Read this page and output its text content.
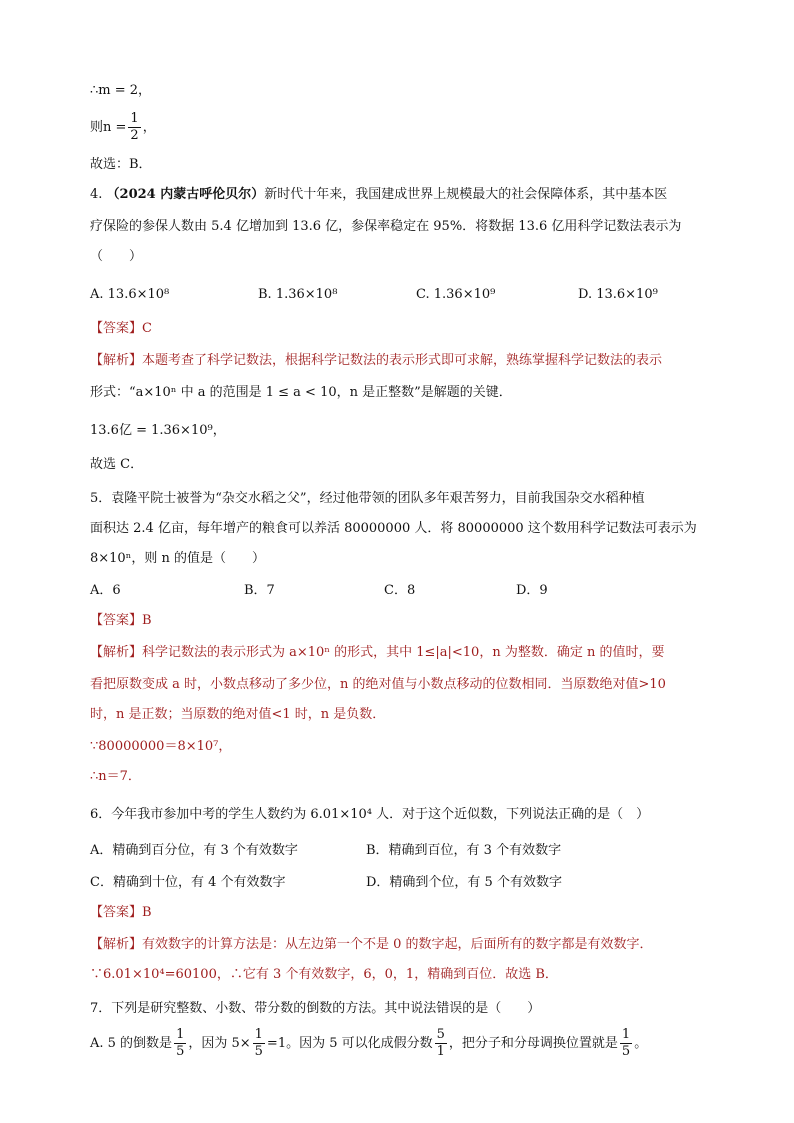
∴m = 2，
则$n = \frac{1}{2}$ ，
故选：B．
4. （2024 内蒙古呼伦贝尔）新时代十年来，我国建成世界上规模最大的社会保障体系，其中基本医
疗保险的参保人数由 5.4 亿增加到 13.6 亿，参保率稳定在 95%．将数据 13.6 亿用科学记数法表示为
（　　）
A. 13.6×10⁸	B. 1.36×10⁸	C. 1.36×10⁹	D. 13.6×10⁹
【答案】C
【解析】本题考查了科学记数法，根据科学记数法的表示形式即可求解，熟练掌握科学记数法的表示
形式：“a×10ⁿ 中 a 的范围是 1 ≤ a < 10，n 是正整数”是解题的关键．
13.6亿 = 1.36×10⁹，
故选 C．
5．袁隆平院士被誉为“杂交水稻之父”，经过他带领的团队多年艰苦努力，目前我国杂交水稻种植
面积达 2.4 亿亩，每年增产的粮食可以养活 80000000 人．将 80000000 这个数用科学记数法可表示为
8×10ⁿ，则 n 的值是（　　）
A．6	B．7	C．8	D．9
【答案】B
【解析】科学记数法的表示形式为 a×10ⁿ 的形式，其中 1≤|a|<10，n 为整数．确定 n 的值时，要
看把原数变成 a 时，小数点移动了多少位，n 的绝对值与小数点移动的位数相同．当原数绝对值>10
时，n 是正数；当原数的绝对值<1 时，n 是负数．
∵80000000＝8×10⁷，
∴n＝7．
6．今年我市参加中考的学生人数约为 6.01×10⁴ 人．对于这个近似数，下列说法正确的是（　）
A．精确到百分位，有 3 个有效数字	B．精确到百位，有 3 个有效数字
C．精确到十位，有 4 个有效数字	D．精确到个位，有 5 个有效数字
【答案】B
【解析】有效数字的计算方法是：从左边第一个不是 0 的数字起，后面所有的数字都是有效数字．
∵6.01×10⁴=60100，∴它有 3 个有效数字，6，0，1，精确到百位．故选 B．
7．下列是研究整数、小数、带分数的倒数的方法。其中说法错误的是（　　）
A. 5 的倒数是 $\frac{1}{5}$ ，因为 $5\times \frac{1}{5} =1$。因为 5 可以化成假分数 $\frac{5}{1}$ ，把分子和分母调换位置就是 $\frac{1}{5}$ 。
